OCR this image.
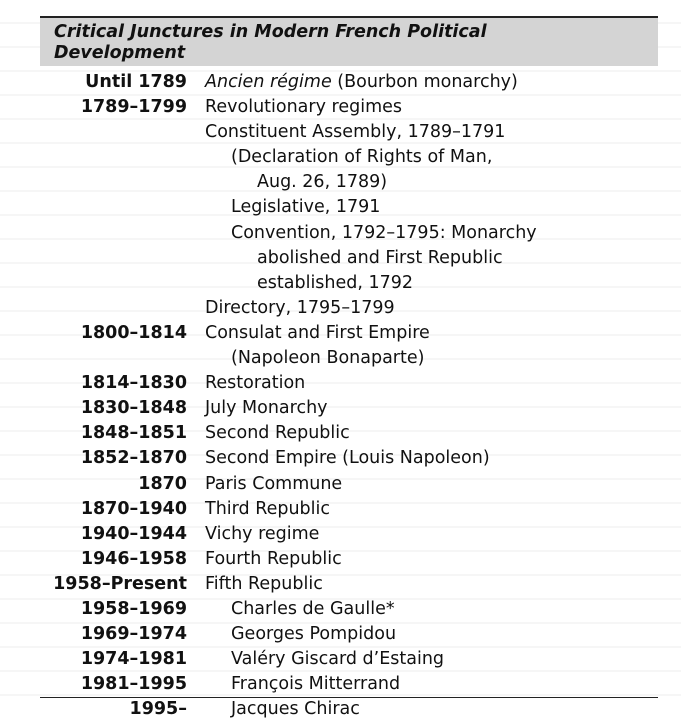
Critical Junctures in Modern French Political
Development
Until 1789 Ancien régime (Bourbon monarchy)
1789–1799 Revolutionary regimes
Constituent Assembly, 1789–1791
(Declaration of Rights of Man,
Aug. 26, 1789)
Legislative, 1791
Convention, 1792–1795: Monarchy
abolished and First Republic
established, 1792
Directory, 1795–1799
1800–1814 Consulat and First Empire
(Napoleon Bonaparte)
1814–1830 Restoration
1830–1848 July Monarchy
1848–1851 Second Republic
1852–1870 Second Empire (Louis Napoleon)
1870 Paris Commune
1870–1940 Third Republic
1940–1944 Vichy regime
1946–1958 Fourth Republic
1958–Present Fifth Republic
1958–1969	Charles de Gaulle*
1969–1974	Georges Pompidou
1974–1981	Valéry Giscard d’Estaing
1981–1995	François Mitterrand
1995–	Jacques Chirac
